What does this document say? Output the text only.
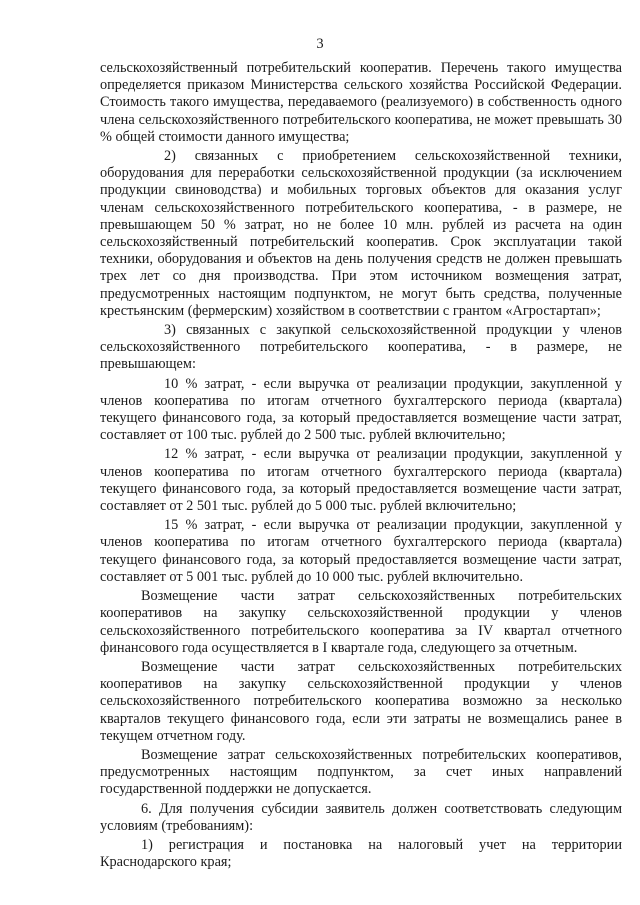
3

сельскохозяйственный потребительский кооператив. Перечень такого имущества определяется приказом Министерства сельского хозяйства Российской Федерации. Стоимость такого имущества, передаваемого (реализуемого) в собственность одного члена сельскохозяйственного потребительского кооператива, не может превышать 30 % общей стоимости данного имущества;

2) связанных с приобретением сельскохозяйственной техники, оборудования для переработки сельскохозяйственной продукции (за исключением продукции свиноводства) и мобильных торговых объектов для оказания услуг членам сельскохозяйственного потребительского кооператива, - в размере, не превышающем 50 % затрат, но не более 10 млн. рублей из расчета на один сельскохозяйственный потребительский кооператив. Срок эксплуатации такой техники, оборудования и объектов на день получения средств не должен превышать трех лет со дня производства. При этом источником возмещения затрат, предусмотренных настоящим подпунктом, не могут быть средства, полученные крестьянским (фермерским) хозяйством в соответствии с грантом «Агростартап»;

3) связанных с закупкой сельскохозяйственной продукции у членов сельскохозяйственного потребительского кооператива, - в размере, не превышающем:

10 % затрат, - если выручка от реализации продукции, закупленной у членов кооператива по итогам отчетного бухгалтерского периода (квартала) текущего финансового года, за который предоставляется возмещение части затрат, составляет от 100 тыс. рублей до 2 500 тыс. рублей включительно;

12 % затрат, - если выручка от реализации продукции, закупленной у членов кооператива по итогам отчетного бухгалтерского периода (квартала) текущего финансового года, за который предоставляется возмещение части затрат, составляет от 2 501 тыс. рублей до 5 000 тыс. рублей включительно;

15 % затрат, - если выручка от реализации продукции, закупленной у членов кооператива по итогам отчетного бухгалтерского периода (квартала) текущего финансового года, за который предоставляется возмещение части затрат, составляет от 5 001 тыс. рублей до 10 000 тыс. рублей включительно.

Возмещение части затрат сельскохозяйственных потребительских кооперативов на закупку сельскохозяйственной продукции у членов сельскохозяйственного потребительского кооператива за IV квартал отчетного финансового года осуществляется в I квартале года, следующего за отчетным.

Возмещение части затрат сельскохозяйственных потребительских кооперативов на закупку сельскохозяйственной продукции у членов сельскохозяйственного потребительского кооператива возможно за несколько кварталов текущего финансового года, если эти затраты не возмещались ранее в текущем отчетном году.

Возмещение затрат сельскохозяйственных потребительских кооперативов, предусмотренных настоящим подпунктом, за счет иных направлений государственной поддержки не допускается.

6. Для получения субсидии заявитель должен соответствовать следующим условиям (требованиям):

1) регистрация и постановка на налоговый учет на территории Краснодарского края;
